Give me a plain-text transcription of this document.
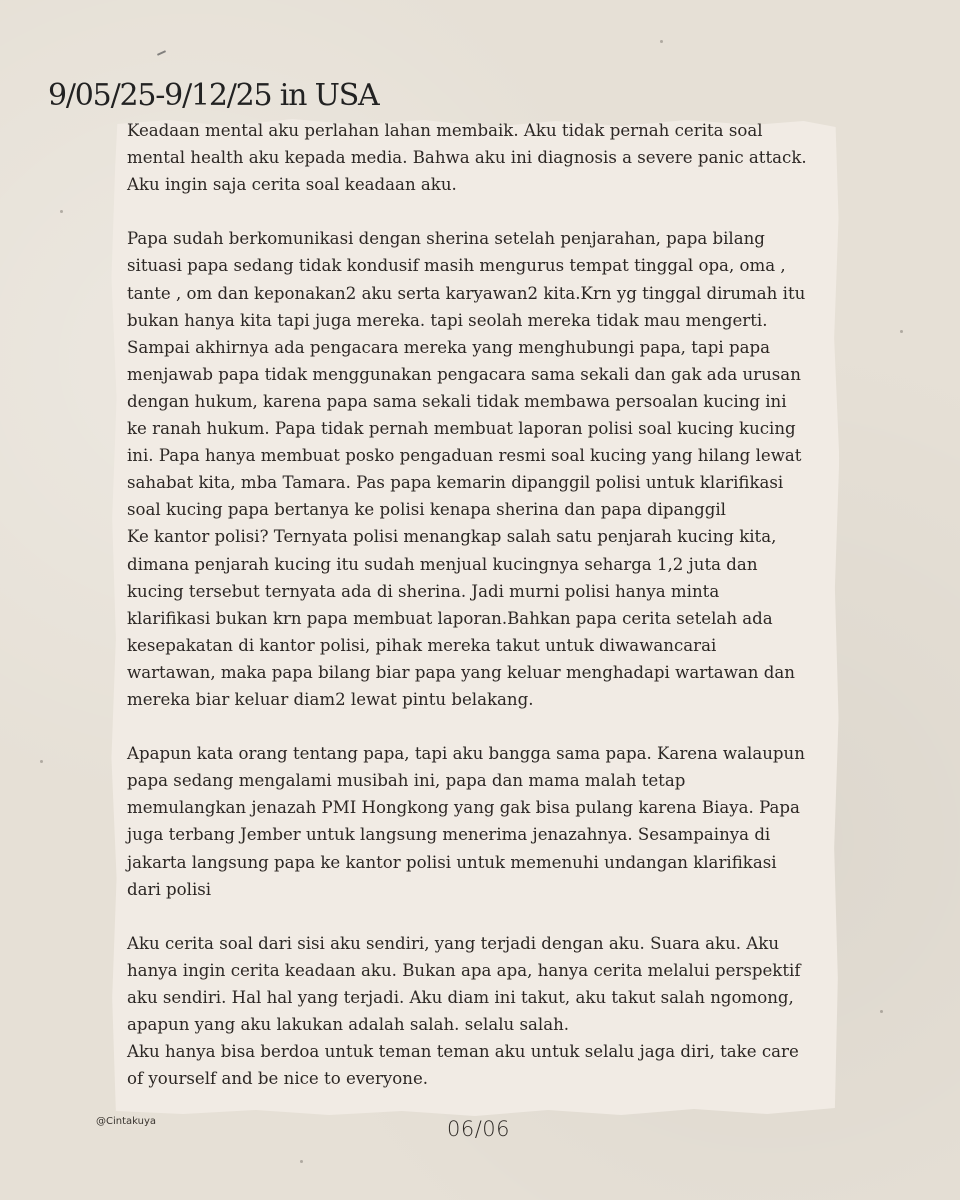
9/05/25-9/12/25 in USA
Keadaan mental aku perlahan lahan membaik. Aku tidak pernah cerita soal
mental health aku kepada media. Bahwa aku ini diagnosis a severe panic attack.
Aku ingin saja cerita soal keadaan aku.
Papa sudah berkomunikasi dengan sherina setelah penjarahan, papa bilang
situasi papa sedang tidak kondusif masih mengurus tempat tinggal opa, oma ,
tante , om dan keponakan2 aku serta karyawan2 kita.Krn yg tinggal dirumah itu
bukan hanya kita tapi juga mereka. tapi seolah mereka tidak mau mengerti.
Sampai akhirnya ada pengacara mereka yang menghubungi papa, tapi papa
menjawab papa tidak menggunakan pengacara sama sekali dan gak ada urusan
dengan hukum, karena papa sama sekali tidak membawa persoalan kucing ini
ke ranah hukum. Papa tidak pernah membuat laporan polisi soal kucing kucing
ini. Papa hanya membuat posko pengaduan resmi soal kucing yang hilang lewat
sahabat kita, mba Tamara. Pas papa kemarin dipanggil polisi untuk klarifikasi
soal kucing papa bertanya ke polisi kenapa sherina dan papa dipanggil
Ke kantor polisi? Ternyata polisi menangkap salah satu penjarah kucing kita,
dimana penjarah kucing itu sudah menjual kucingnya seharga 1,2 juta dan
kucing tersebut ternyata ada di sherina. Jadi murni polisi hanya minta
klarifikasi bukan krn papa membuat laporan.Bahkan papa cerita setelah ada
kesepakatan di kantor polisi, pihak mereka takut untuk diwawancarai
wartawan, maka papa bilang biar papa yang keluar menghadapi wartawan dan
mereka biar keluar diam2 lewat pintu belakang.
Apapun kata orang tentang papa, tapi aku bangga sama papa. Karena walaupun
papa sedang mengalami musibah ini, papa dan mama malah tetap
memulangkan jenazah PMI Hongkong yang gak bisa pulang karena Biaya. Papa
juga terbang Jember untuk langsung menerima jenazahnya. Sesampainya di
jakarta langsung papa ke kantor polisi untuk memenuhi undangan klarifikasi
dari polisi
Aku cerita soal dari sisi aku sendiri, yang terjadi dengan aku. Suara aku. Aku
hanya ingin cerita keadaan aku. Bukan apa apa, hanya cerita melalui perspektif
aku sendiri. Hal hal yang terjadi. Aku diam ini takut, aku takut salah ngomong,
apapun yang aku lakukan adalah salah. selalu salah.
Aku hanya bisa berdoa untuk teman teman aku untuk selalu jaga diri, take care
of yourself and be nice to everyone.
@Cintakuya	06/06
